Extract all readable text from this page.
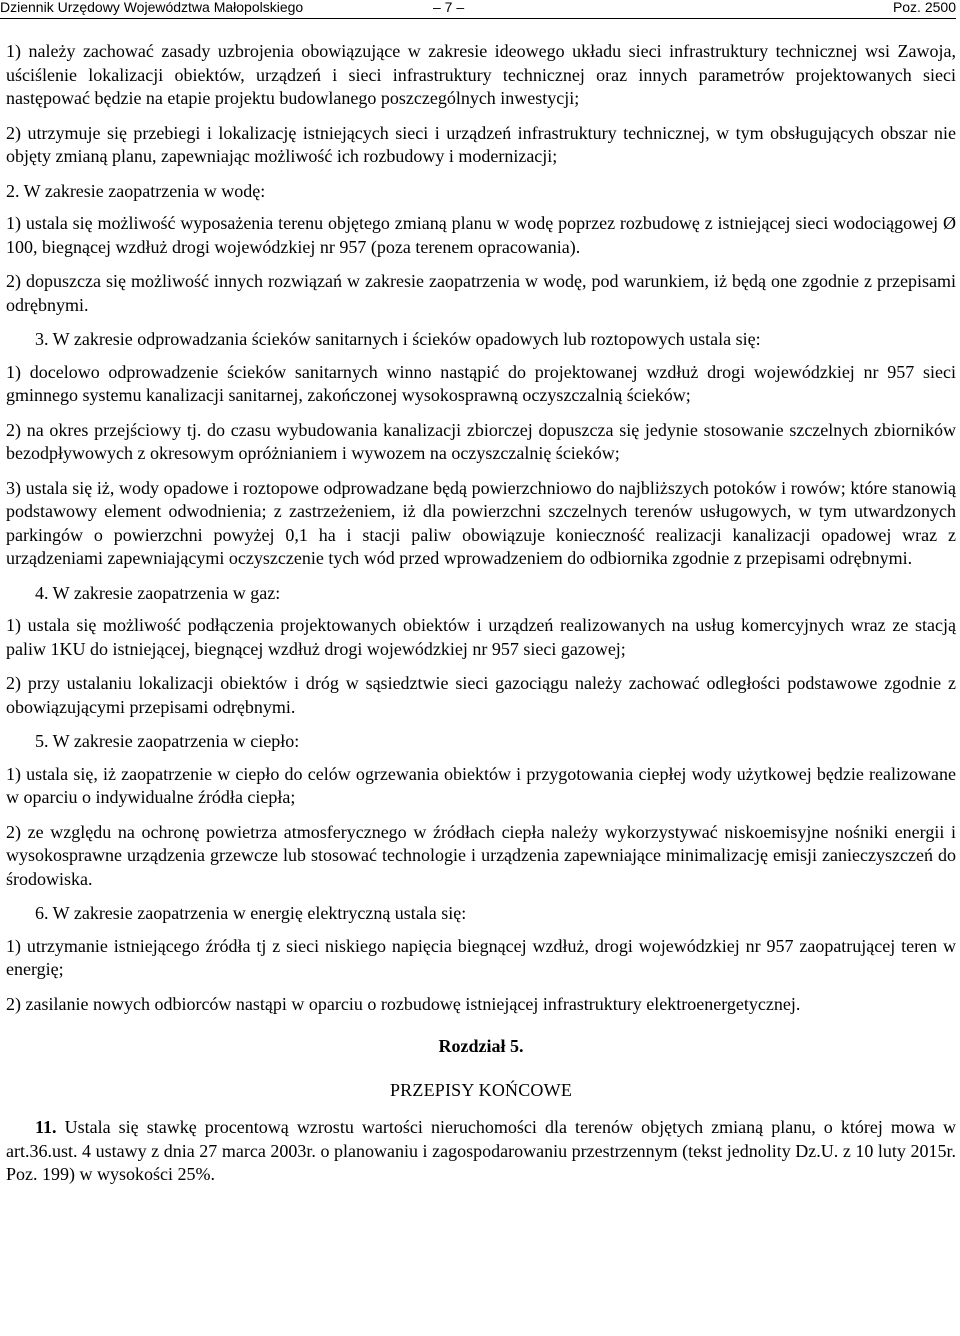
Dziennik Urzędowy Województwa Małopolskiego	– 7 –	Poz. 2500

1) należy zachować zasady uzbrojenia obowiązujące w zakresie ideowego układu sieci infrastruktury technicznej wsi Zawoja, uściślenie lokalizacji obiektów, urządzeń i sieci infrastruktury technicznej oraz innych parametrów projektowanych sieci następować będzie na etapie projektu budowlanego poszczególnych inwestycji;

2) utrzymuje się przebiegi i lokalizację istniejących sieci i urządzeń infrastruktury technicznej, w tym obsługujących obszar nie objęty zmianą planu, zapewniając możliwość ich rozbudowy i modernizacji;

2. W zakresie zaopatrzenia w wodę:

1) ustala się możliwość wyposażenia terenu objętego zmianą planu w wodę poprzez rozbudowę z istniejącej sieci wodociągowej Ø 100, biegnącej wzdłuż drogi wojewódzkiej nr 957 (poza terenem opracowania).

2) dopuszcza się możliwość innych rozwiązań w zakresie zaopatrzenia w wodę, pod warunkiem, iż będą one zgodnie z przepisami odrębnymi.

3. W zakresie odprowadzania ścieków sanitarnych i ścieków opadowych lub roztopowych ustala się:

1) docelowo odprowadzenie ścieków sanitarnych winno nastąpić do projektowanej wzdłuż drogi wojewódzkiej nr 957 sieci gminnego systemu kanalizacji sanitarnej, zakończonej wysokosprawną oczyszczalnią ścieków;

2) na okres przejściowy tj. do czasu wybudowania kanalizacji zbiorczej dopuszcza się jedynie stosowanie szczelnych zbiorników bezodpływowych z okresowym opróżnianiem i wywozem na oczyszczalnię ścieków;

3) ustala się iż, wody opadowe i roztopowe odprowadzane będą powierzchniowo do najbliższych potoków i rowów; które stanowią podstawowy element odwodnienia; z zastrzeżeniem, iż dla powierzchni szczelnych terenów usługowych, w tym utwardzonych parkingów o powierzchni powyżej 0,1 ha i stacji paliw obowiązuje konieczność realizacji kanalizacji opadowej wraz z urządzeniami zapewniającymi oczyszczenie tych wód przed wprowadzeniem do odbiornika zgodnie z przepisami odrębnymi.

4. W zakresie zaopatrzenia w gaz:

1) ustala się możliwość podłączenia projektowanych obiektów i urządzeń realizowanych na usług komercyjnych wraz ze stacją paliw 1KU do istniejącej, biegnącej wzdłuż drogi wojewódzkiej nr 957 sieci gazowej;

2) przy ustalaniu lokalizacji obiektów i dróg w sąsiedztwie sieci gazociągu należy zachować odległości podstawowe zgodnie z obowiązującymi przepisami odrębnymi.

5. W zakresie zaopatrzenia w ciepło:

1) ustala się, iż zaopatrzenie w ciepło do celów ogrzewania obiektów i przygotowania ciepłej wody użytkowej będzie realizowane w oparciu o indywidualne źródła ciepła;

2) ze względu na ochronę powietrza atmosferycznego w źródłach ciepła należy wykorzystywać niskoemisyjne nośniki energii i wysokosprawne urządzenia grzewcze lub stosować technologie i urządzenia zapewniające minimalizację emisji zanieczyszczeń do środowiska.

6. W zakresie zaopatrzenia w energię elektryczną ustala się:

1) utrzymanie istniejącego źródła tj z sieci niskiego napięcia biegnącej wzdłuż, drogi wojewódzkiej nr 957 zaopatrującej teren w energię;

2) zasilanie nowych odbiorców nastąpi w oparciu o rozbudowę istniejącej infrastruktury elektroenergetycznej.

Rozdział 5.

PRZEPISY KOŃCOWE

11. Ustala się stawkę procentową wzrostu wartości nieruchomości dla terenów objętych zmianą planu, o której mowa w art.36.ust. 4 ustawy z dnia 27 marca 2003r. o planowaniu i zagospodarowaniu przestrzennym (tekst jednolity Dz.U. z 10 luty 2015r. Poz. 199) w wysokości 25%.
